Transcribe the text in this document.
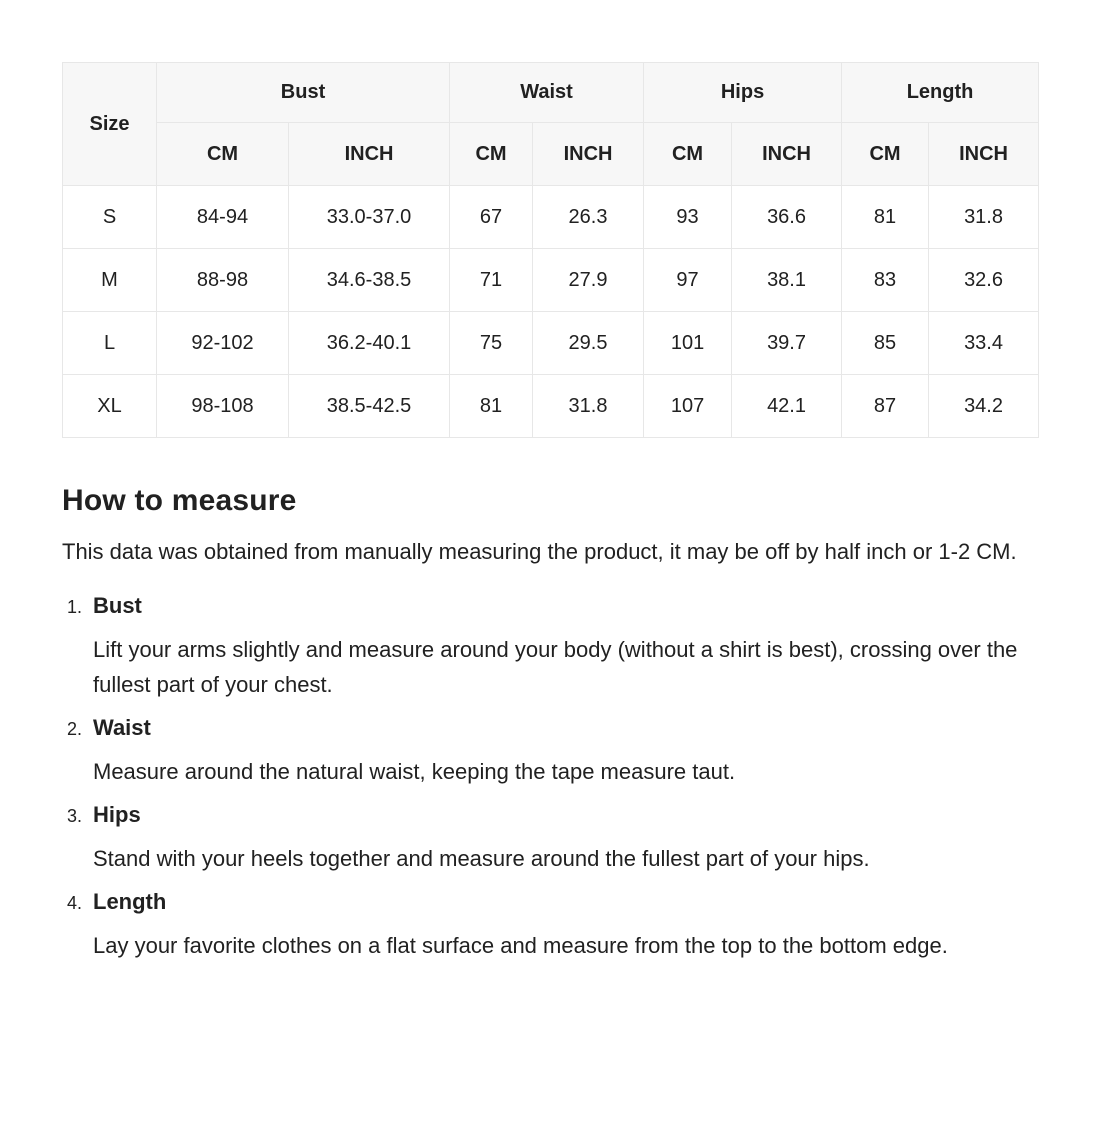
Size	Bust		Waist		Hips		Length	
	CM	INCH	CM	INCH	CM	INCH	CM	INCH
S	84-94	33.0-37.0	67	26.3	93	36.6	81	31.8
M	88-98	34.6-38.5	71	27.9	97	38.1	83	32.6
L	92-102	36.2-40.1	75	29.5	101	39.7	85	33.4
XL	98-108	38.5-42.5	81	31.8	107	42.1	87	34.2
How to measure

This data was obtained from manually measuring the product, it may be off by half inch or 1-2 CM.

1. Bust

Lift your arms slightly and measure around your body (without a shirt is best), crossing over the fullest part of your chest.

2. Waist

Measure around the natural waist, keeping the tape measure taut.

3. Hips

Stand with your heels together and measure around the fullest part of your hips.

4. Length

Lay your favorite clothes on a flat surface and measure from the top to the bottom edge.
